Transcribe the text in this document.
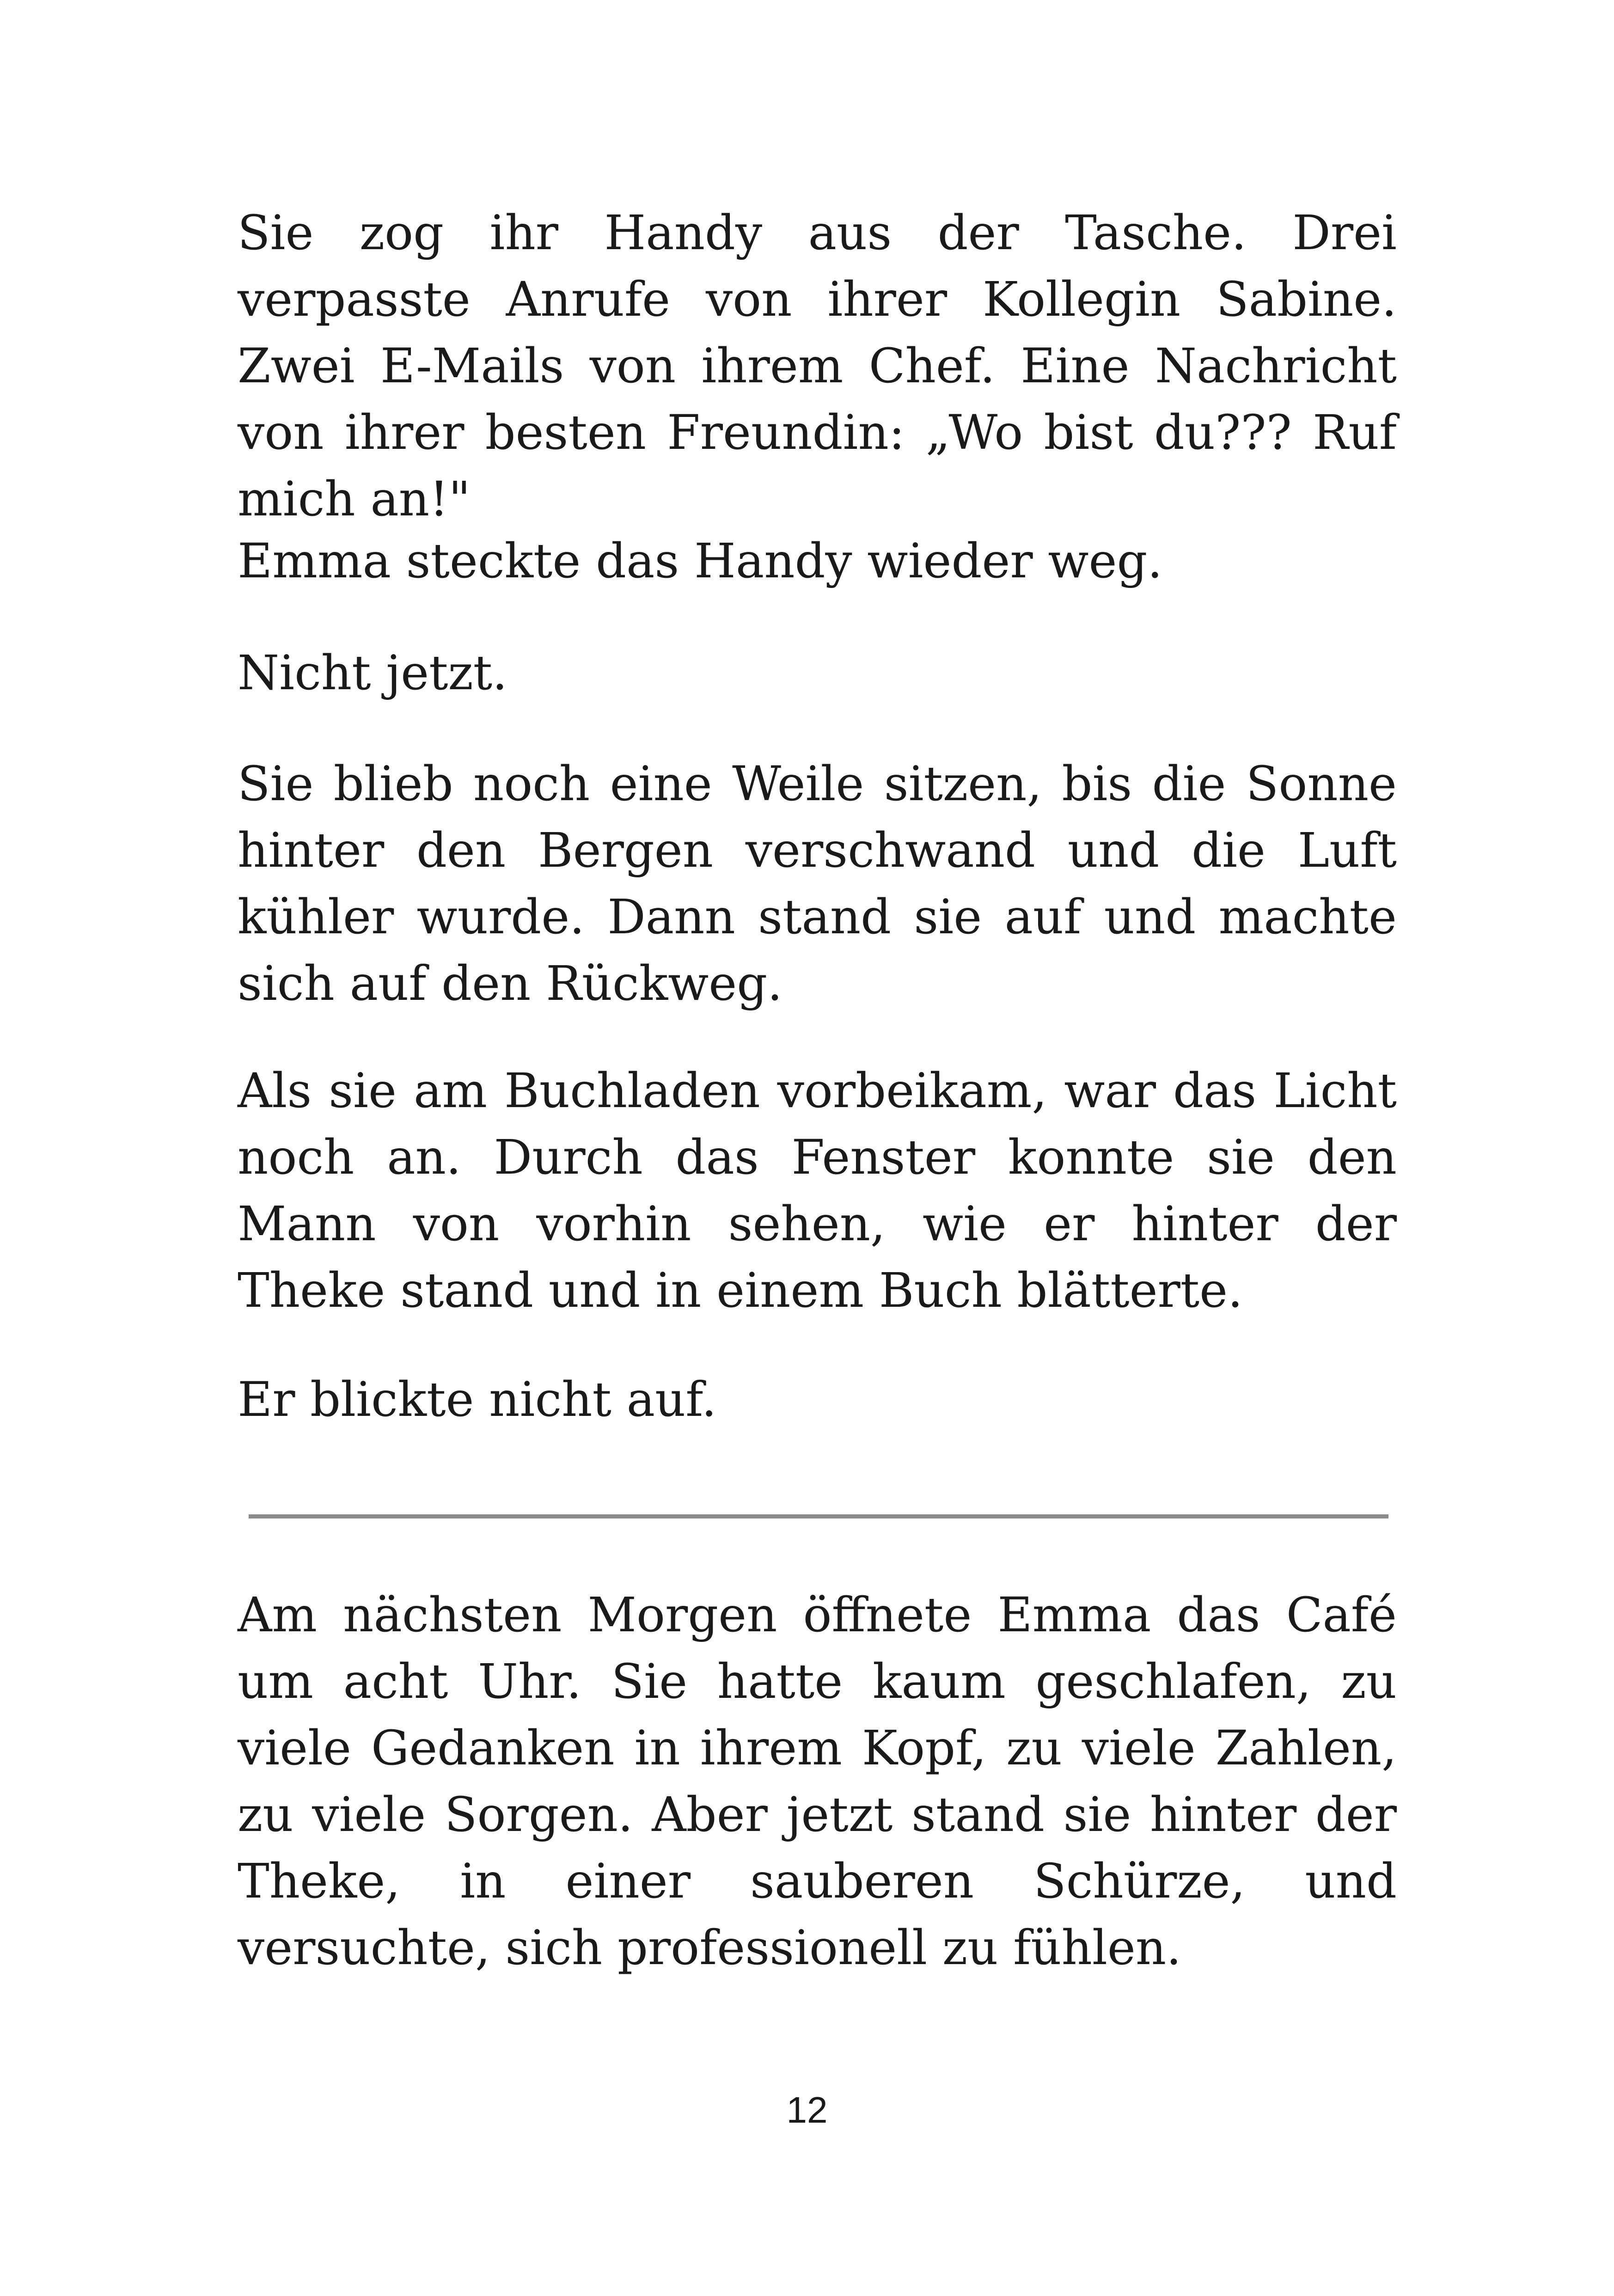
Sie zog ihr Handy aus der Tasche. Drei verpasste Anrufe von ihrer Kollegin Sabine. Zwei E-Mails von ihrem Chef. Eine Nachricht von ihrer besten Freundin: „Wo bist du??? Ruf mich an!"

Emma steckte das Handy wieder weg.

Nicht jetzt.

Sie blieb noch eine Weile sitzen, bis die Sonne hinter den Bergen verschwand und die Luft kühler wurde. Dann stand sie auf und machte sich auf den Rückweg.

Als sie am Buchladen vorbeikam, war das Licht noch an. Durch das Fenster konnte sie den Mann von vorhin sehen, wie er hinter der Theke stand und in einem Buch blätterte.

Er blickte nicht auf.

Am nächsten Morgen öffnete Emma das Café um acht Uhr. Sie hatte kaum geschlafen, zu viele Gedanken in ihrem Kopf, zu viele Zahlen, zu viele Sorgen. Aber jetzt stand sie hinter der Theke, in einer sauberen Schürze, und versuchte, sich professionell zu fühlen.

12
